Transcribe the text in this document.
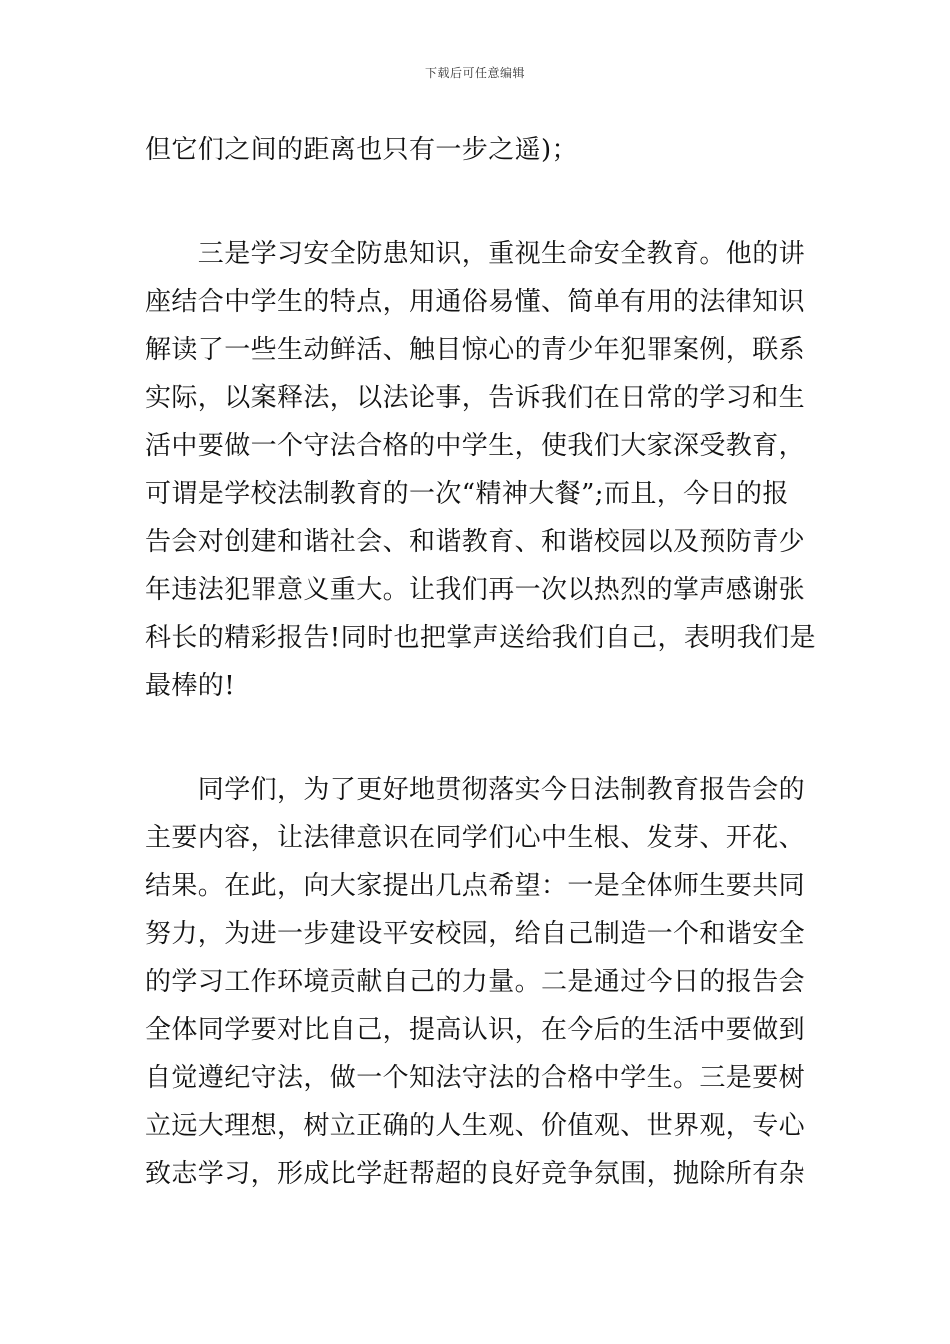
下载后可任意编辑
但它们之间的距离也只有一步之遥)；
　　三是学习安全防患知识，重视生命安全教育。他的讲
座结合中学生的特点，用通俗易懂、简单有用的法律知识
解读了一些生动鲜活、触目惊心的青少年犯罪案例，联系
实际，以案释法，以法论事，告诉我们在日常的学习和生
活中要做一个守法合格的中学生，使我们大家深受教育，
可谓是学校法制教育的一次“精神大餐”;而且，今日的报
告会对创建和谐社会、和谐教育、和谐校园以及预防青少
年违法犯罪意义重大。让我们再一次以热烈的掌声感谢张
科长的精彩报告!同时也把掌声送给我们自己，表明我们是
最棒的!
　　同学们，为了更好地贯彻落实今日法制教育报告会的
主要内容，让法律意识在同学们心中生根、发芽、开花、
结果。在此，向大家提出几点希望：一是全体师生要共同
努力，为进一步建设平安校园，给自己制造一个和谐安全
的学习工作环境贡献自己的力量。二是通过今日的报告会
全体同学要对比自己，提高认识，在今后的生活中要做到
自觉遵纪守法，做一个知法守法的合格中学生。三是要树
立远大理想，树立正确的人生观、价值观、世界观，专心
致志学习，形成比学赶帮超的良好竞争氛围，抛除所有杂
